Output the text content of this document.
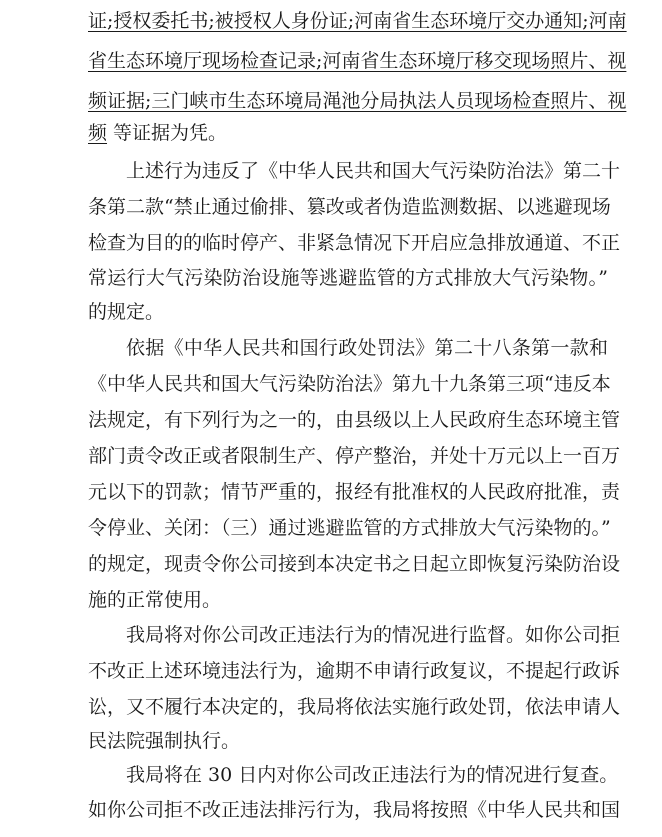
证;授权委托书;被授权人身份证;河南省生态环境厅交办通知;河南
省生态环境厅现场检查记录;河南省生态环境厅移交现场照片、视
频证据;三门峡市生态环境局渑池分局执法人员现场检查照片、视
频 等证据为凭。
上述行为违反了《中华人民共和国大气污染防治法》第二十
条第二款“禁止通过偷排、篡改或者伪造监测数据、以逃避现场
检查为目的的临时停产、非紧急情况下开启应急排放通道、不正
常运行大气污染防治设施等逃避监管的方式排放大气污染物。”
的规定。
依据《中华人民共和国行政处罚法》第二十八条第一款和
《中华人民共和国大气污染防治法》第九十九条第三项“违反本
法规定，有下列行为之一的，由县级以上人民政府生态环境主管
部门责令改正或者限制生产、停产整治，并处十万元以上一百万
元以下的罚款；情节严重的，报经有批准权的人民政府批准，责
令停业、关闭：（三）通过逃避监管的方式排放大气污染物的。”
的规定，现责令你公司接到本决定书之日起立即恢复污染防治设
施的正常使用。
我局将对你公司改正违法行为的情况进行监督。如你公司拒
不改正上述环境违法行为，逾期不申请行政复议，不提起行政诉
讼，又不履行本决定的，我局将依法实施行政处罚，依法申请人
民法院强制执行。
我局将在 30 日内对你公司改正违法行为的情况进行复查。
如你公司拒不改正违法排污行为，我局将按照《中华人民共和国
